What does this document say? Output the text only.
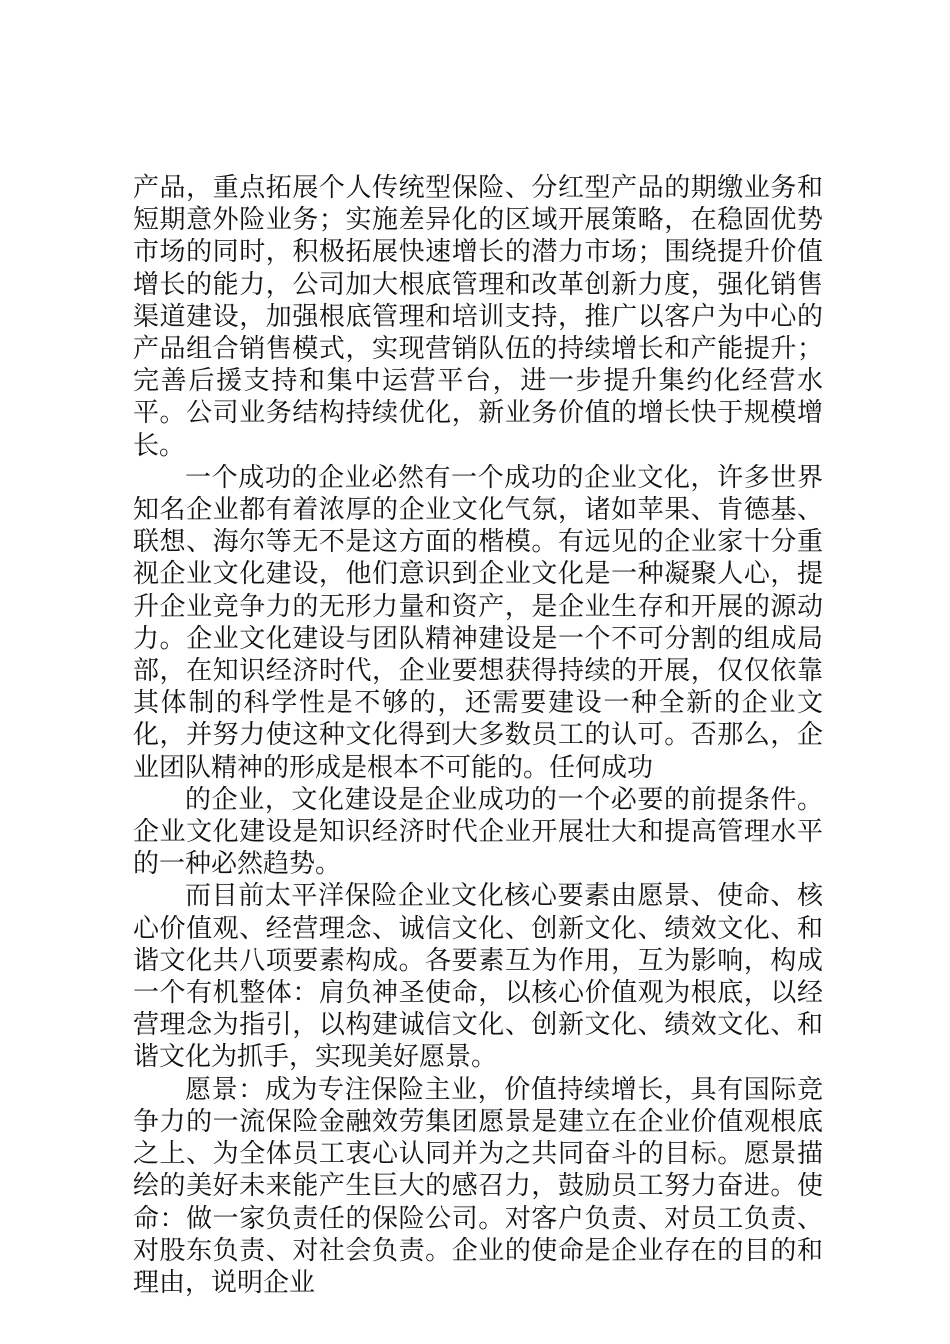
产品，重点拓展个人传统型保险、分红型产品的期缴业务和短期意外险业务；实施差异化的区域开展策略，在稳固优势市场的同时，积极拓展快速增长的潜力市场；围绕提升价值增长的能力，公司加大根底管理和改革创新力度，强化销售渠道建设，加强根底管理和培训支持，推广以客户为中心的产品组合销售模式，实现营销队伍的持续增长和产能提升；完善后援支持和集中运营平台，进一步提升集约化经营水平。公司业务结构持续优化，新业务价值的增长快于规模增长。

一个成功的企业必然有一个成功的企业文化，许多世界知名企业都有着浓厚的企业文化气氛，诸如苹果、肯德基、联想、海尔等无不是这方面的楷模。有远见的企业家十分重视企业文化建设，他们意识到企业文化是一种凝聚人心，提升企业竞争力的无形力量和资产，是企业生存和开展的源动力。企业文化建设与团队精神建设是一个不可分割的组成局部，在知识经济时代，企业要想获得持续的开展，仅仅依靠其体制的科学性是不够的，还需要建设一种全新的企业文化，并努力使这种文化得到大多数员工的认可。否那么，企业团队精神的形成是根本不可能的。任何成功

的企业，文化建设是企业成功的一个必要的前提条件。企业文化建设是知识经济时代企业开展壮大和提高管理水平的一种必然趋势。

而目前太平洋保险企业文化核心要素由愿景、使命、核心价值观、经营理念、诚信文化、创新文化、绩效文化、和谐文化共八项要素构成。各要素互为作用，互为影响，构成一个有机整体：肩负神圣使命，以核心价值观为根底，以经营理念为指引，以构建诚信文化、创新文化、绩效文化、和谐文化为抓手，实现美好愿景。

愿景：成为专注保险主业，价值持续增长，具有国际竞争力的一流保险金融效劳集团愿景是建立在企业价值观根底之上、为全体员工衷心认同并为之共同奋斗的目标。愿景描绘的美好未来能产生巨大的感召力，鼓励员工努力奋进。使命：做一家负责任的保险公司。对客户负责、对员工负责、对股东负责、对社会负责。企业的使命是企业存在的目的和理由，说明企业
